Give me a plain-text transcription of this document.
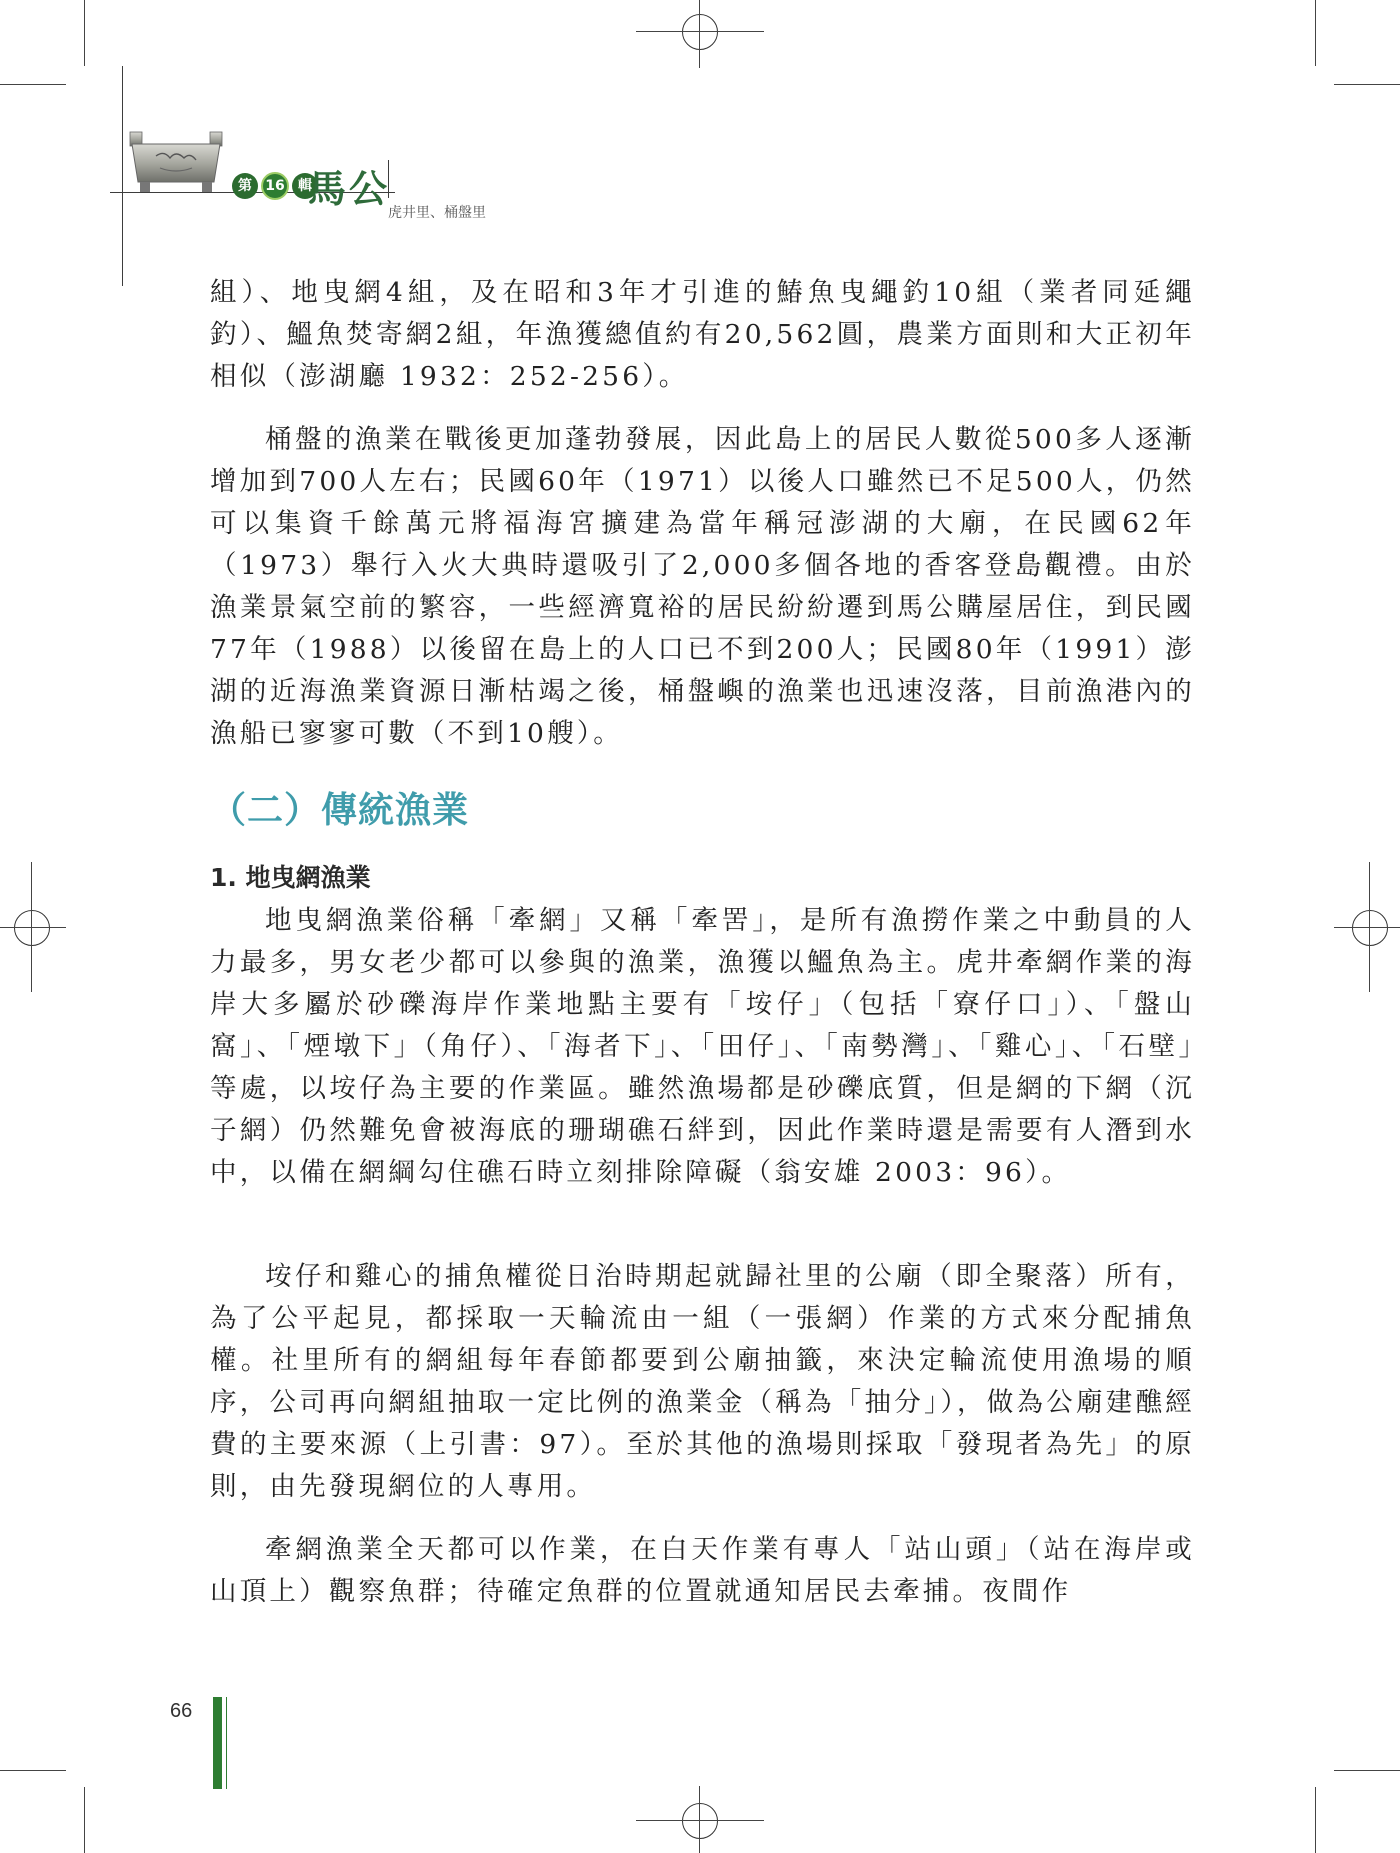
第 16 輯
馬公
虎井里、桶盤里

組）、地曳網4組，及在昭和3年才引進的鰆魚曳繩釣10組（業者同延繩釣）、鰮魚焚寄網2組，年漁獲總值約有20,562圓，農業方面則和大正初年相似（澎湖廳 1932：252-256）。

桶盤的漁業在戰後更加蓬勃發展，因此島上的居民人數從500多人逐漸增加到700人左右；民國60年（1971）以後人口雖然已不足500人，仍然可以集資千餘萬元將福海宮擴建為當年稱冠澎湖的大廟，在民國62年（1973）舉行入火大典時還吸引了2,000多個各地的香客登島觀禮。由於漁業景氣空前的繁容，一些經濟寬裕的居民紛紛遷到馬公購屋居住，到民國77年（1988）以後留在島上的人口已不到200人；民國80年（1991）澎湖的近海漁業資源日漸枯竭之後，桶盤嶼的漁業也迅速沒落，目前漁港內的漁船已寥寥可數（不到10艘）。

（二）傳統漁業
1. 地曳網漁業

地曳網漁業俗稱「牽網」又稱「牽罟」，是所有漁撈作業之中動員的人力最多，男女老少都可以參與的漁業，漁獲以鰮魚為主。虎井牽網作業的海岸大多屬於砂礫海岸作業地點主要有「垵仔」（包括「寮仔口」）、「盤山窩」、「煙墩下」（角仔）、「海者下」、「田仔」、「南勢灣」、「雞心」、「石壁」等處，以垵仔為主要的作業區。雖然漁場都是砂礫底質，但是網的下網（沉子網）仍然難免會被海底的珊瑚礁石絆到，因此作業時還是需要有人潛到水中，以備在網綱勾住礁石時立刻排除障礙（翁安雄 2003：96）。

垵仔和雞心的捕魚權從日治時期起就歸社里的公廟（即全聚落）所有，為了公平起見，都採取一天輪流由一組（一張網）作業的方式來分配捕魚權。社里所有的網組每年春節都要到公廟抽籤，來決定輪流使用漁場的順序，公司再向網組抽取一定比例的漁業金（稱為「抽分」），做為公廟建醮經費的主要來源（上引書：97）。至於其他的漁場則採取「發現者為先」的原則，由先發現網位的人專用。

牽網漁業全天都可以作業，在白天作業有專人「站山頭」（站在海岸或山頂上）觀察魚群；待確定魚群的位置就通知居民去牽捕。夜間作

66
